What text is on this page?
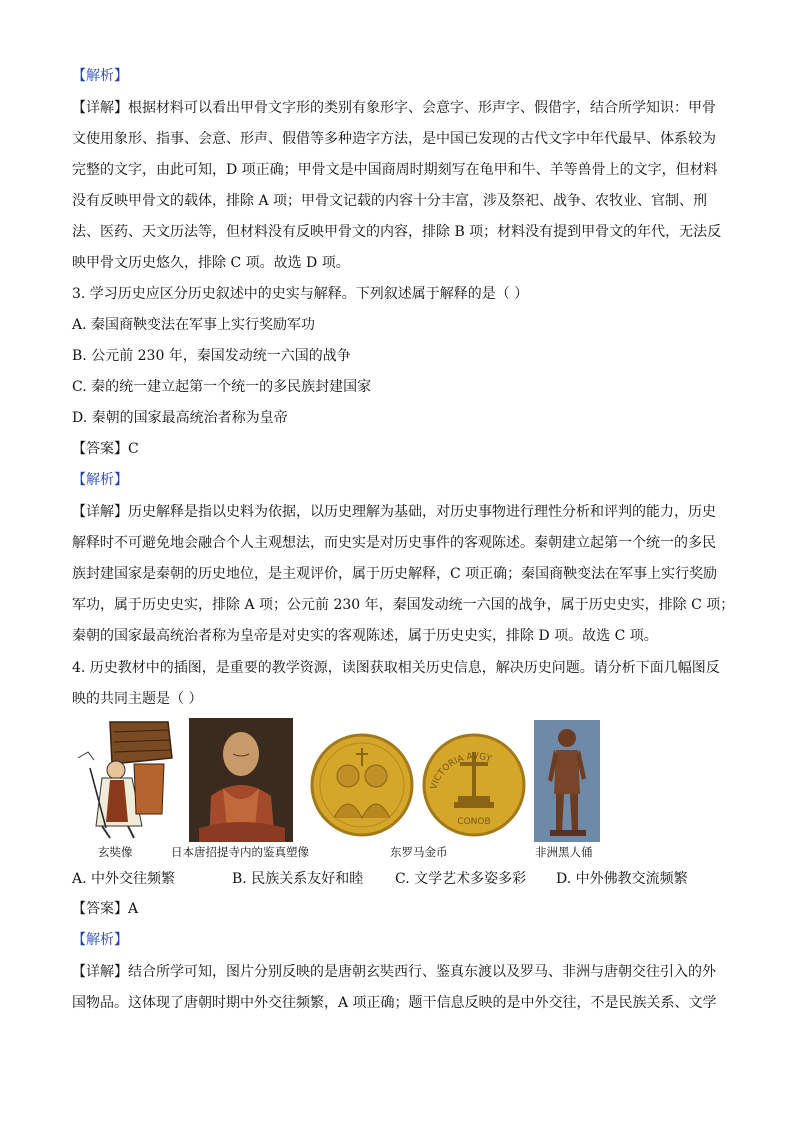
【解析】
【详解】根据材料可以看出甲骨文字形的类别有象形字、会意字、形声字、假借字，结合所学知识：甲骨
文使用象形、指事、会意、形声、假借等多种造字方法，是中国已发现的古代文字中年代最早、体系较为
完整的文字，由此可知，D 项正确；甲骨文是中国商周时期刻写在龟甲和牛、羊等兽骨上的文字，但材料
没有反映甲骨文的载体，排除 A 项；甲骨文记载的内容十分丰富，涉及祭祀、战争、农牧业、官制、刑
法、医药、天文历法等，但材料没有反映甲骨文的内容，排除 B 项；材料没有提到甲骨文的年代，无法反
映甲骨文历史悠久，排除 C 项。故选 D 项。
3. 学习历史应区分历史叙述中的史实与解释。下列叙述属于解释的是（ ）
A. 秦国商鞅变法在军事上实行奖励军功
B. 公元前 230 年，秦国发动统一六国的战争
C. 秦的统一建立起第一个统一的多民族封建国家
D. 秦朝的国家最高统治者称为皇帝
【答案】C
【解析】
【详解】历史解释是指以史料为依据，以历史理解为基础，对历史事物进行理性分析和评判的能力，历史
解释时不可避免地会融合个人主观想法，而史实是对历史事件的客观陈述。秦朝建立起第一个统一的多民
族封建国家是秦朝的历史地位，是主观评价，属于历史解释，C 项正确；秦国商鞅变法在军事上实行奖励
军功，属于历史史实，排除 A 项；公元前 230 年，秦国发动统一六国的战争，属于历史史实，排除 C 项；
秦朝的国家最高统治者称为皇帝是对史实的客观陈述，属于历史史实，排除 D 项。故选 C 项。
4. 历史教材中的插图，是重要的教学资源，读图获取相关历史信息，解决历史问题。请分析下面几幅图反
映的共同主题是（ ）
玄奘像	日本唐招提寺内的鉴真塑像
CONOB
VICTORIA AVGY
东罗马金币	非洲黑人俑
A. 中外交往频繁	B. 民族关系友好和睦 C. 文学艺术多姿多彩 D. 中外佛教交流频繁
【答案】A
【解析】
【详解】结合所学可知，图片分别反映的是唐朝玄奘西行、鉴真东渡以及罗马、非洲与唐朝交往引入的外
国物品。这体现了唐朝时期中外交往频繁，A 项正确；题干信息反映的是中外交往，不是民族关系、文学
